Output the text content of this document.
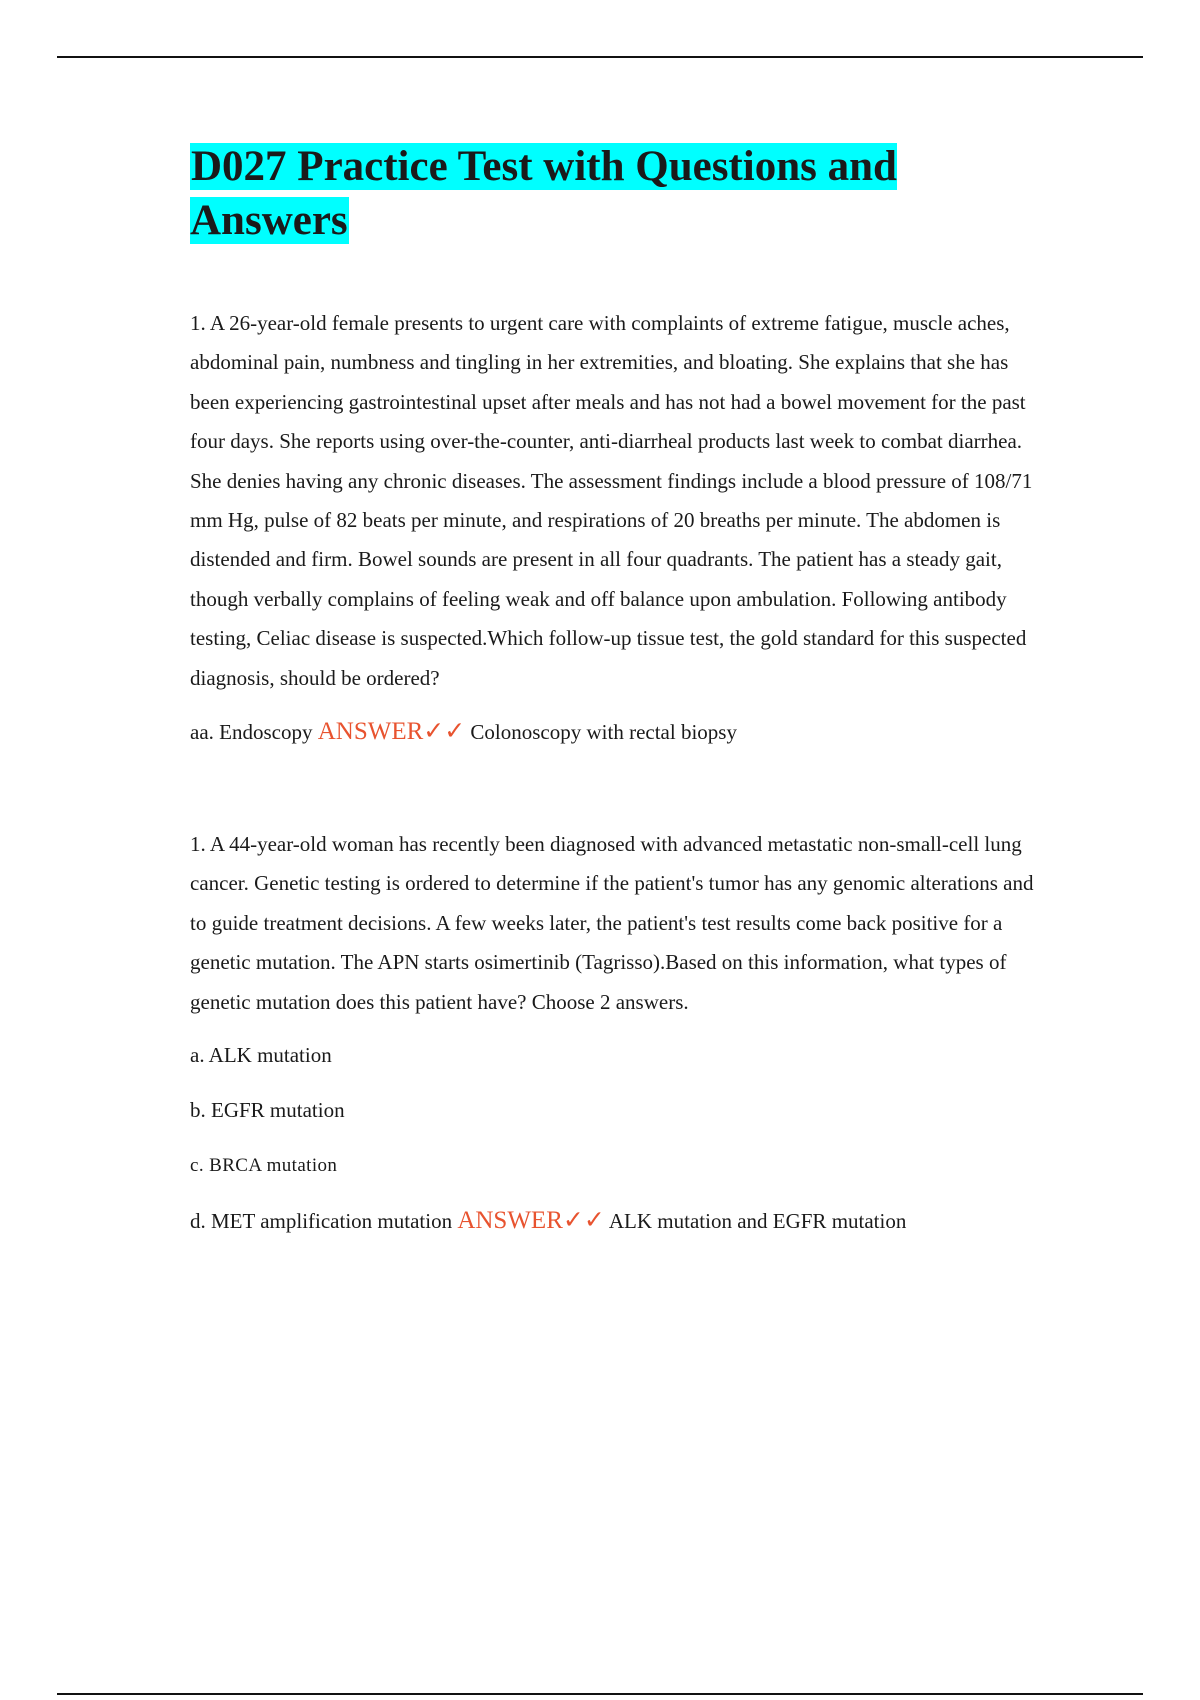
D027 Practice Test with Questions and Answers

1. A 26-year-old female presents to urgent care with complaints of extreme fatigue, muscle aches, abdominal pain, numbness and tingling in her extremities, and bloating. She explains that she has been experiencing gastrointestinal upset after meals and has not had a bowel movement for the past four days. She reports using over-the-counter, anti-diarrheal products last week to combat diarrhea. She denies having any chronic diseases. The assessment findings include a blood pressure of 108/71 mm Hg, pulse of 82 beats per minute, and respirations of 20 breaths per minute. The abdomen is distended and firm. Bowel sounds are present in all four quadrants. The patient has a steady gait, though verbally complains of feeling weak and off balance upon ambulation. Following antibody testing, Celiac disease is suspected.Which follow-up tissue test, the gold standard for this suspected diagnosis, should be ordered?

aa. Endoscopy ANSWER✓✓ Colonoscopy with rectal biopsy

1. A 44-year-old woman has recently been diagnosed with advanced metastatic non-small-cell lung cancer. Genetic testing is ordered to determine if the patient's tumor has any genomic alterations and to guide treatment decisions. A few weeks later, the patient's test results come back positive for a genetic mutation. The APN starts osimertinib (Tagrisso).Based on this information, what types of genetic mutation does this patient have? Choose 2 answers.

a. ALK mutation

b. EGFR mutation

c. BRCA mutation

d. MET amplification mutation ANSWER✓✓ ALK mutation and EGFR mutation
